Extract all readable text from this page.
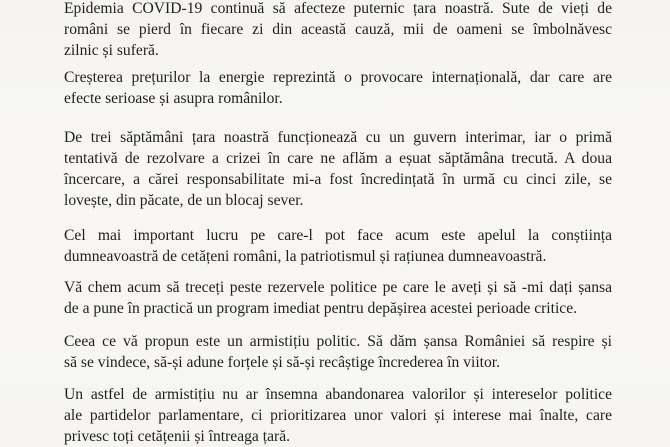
Epidemia COVID-19 continuă să afecteze puternic țara noastră. Sute de vieți de
români se pierd în fiecare zi din această cauză, mii de oameni se îmbolnăvesc
zilnic și suferă.
Creșterea prețurilor la energie reprezintă o provocare internațională, dar care are
efecte serioase și asupra românilor.
De trei săptămâni țara noastră funcționează cu un guvern interimar, iar o primă
tentativă de rezolvare a crizei în care ne aflăm a eșuat săptămâna trecută. A doua
încercare, a cărei responsabilitate mi-a fost încredințată în urmă cu cinci zile, se
lovește, din păcate, de un blocaj sever.
Cel mai important lucru pe care-l pot face acum este apelul la conștiința
dumneavoastră de cetățeni români, la patriotismul și rațiunea dumneavoastră.
Vă chem acum să treceți peste rezervele politice pe care le aveți și să -mi dați șansa
de a pune în practică un program imediat pentru depășirea acestei perioade critice.
Ceea ce vă propun este un armistițiu politic. Să dăm șansa României să respire și
să se vindece, să-și adune forțele și să-și recâștige încrederea în viitor.
Un astfel de armistițiu nu ar însemna abandonarea valorilor și intereselor politice
ale partidelor parlamentare, ci prioritizarea unor valori și interese mai înalte, care
privesc toți cetățenii și întreaga țară.
